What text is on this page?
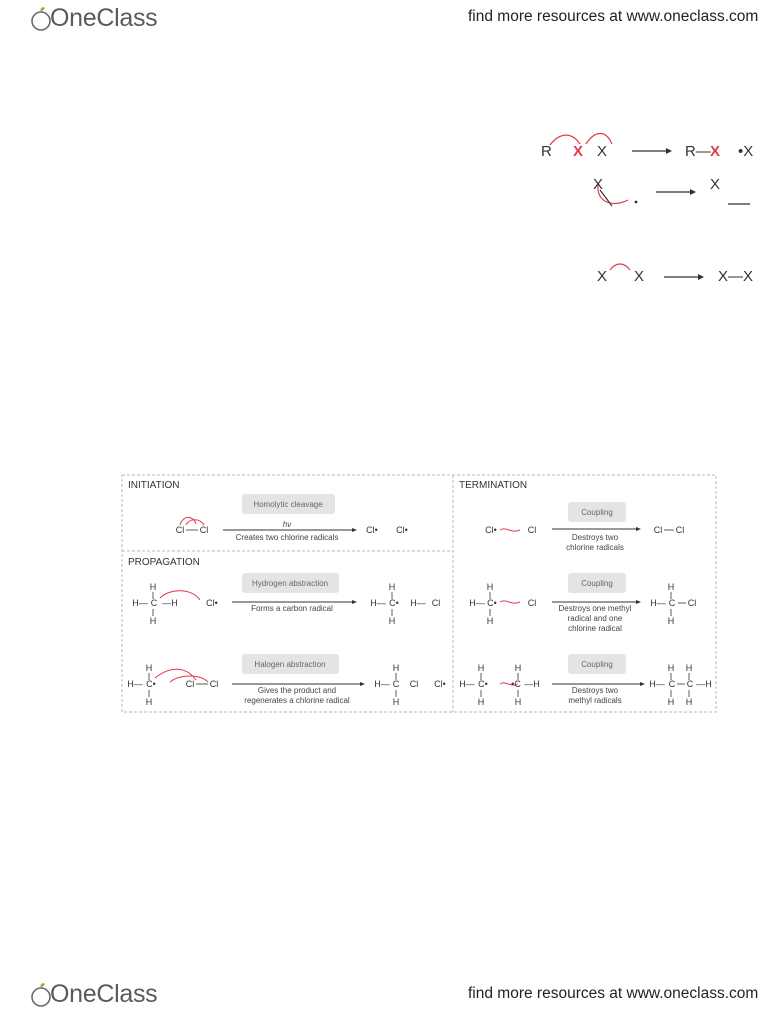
OneClass	find more resources at www.oneclass.com
R X X	R— X •X
X	X
X X	X—X
INITIATION
PROPAGATION
TERMINATION
Homolytic cleavage
Hydrogen abstraction
Halogen abstraction
Coupling
Coupling
Coupling
hν
Creates two chlorine radicals
Forms a carbon radical
Gives the product and
regenerates a chlorine radical
Destroys two
chlorine radicals
Destroys one methyl
radical and one
chlorine radical
Destroys two
methyl radicals
Cl Cl	Cl• Cl•
H
H— C —H
H
Cl•
H
H— C•
H
H— Cl
H
H— C•
H
Cl Cl
H
H— C
H
Cl Cl•
Cl•	Cl	Cl Cl
H
H— C•
H
Cl
H
H— C
H
Cl
H
H— C•
H
H
•C —H
H
H H
H— C C —H
H H
OneClass	find more resources at www.oneclass.com
